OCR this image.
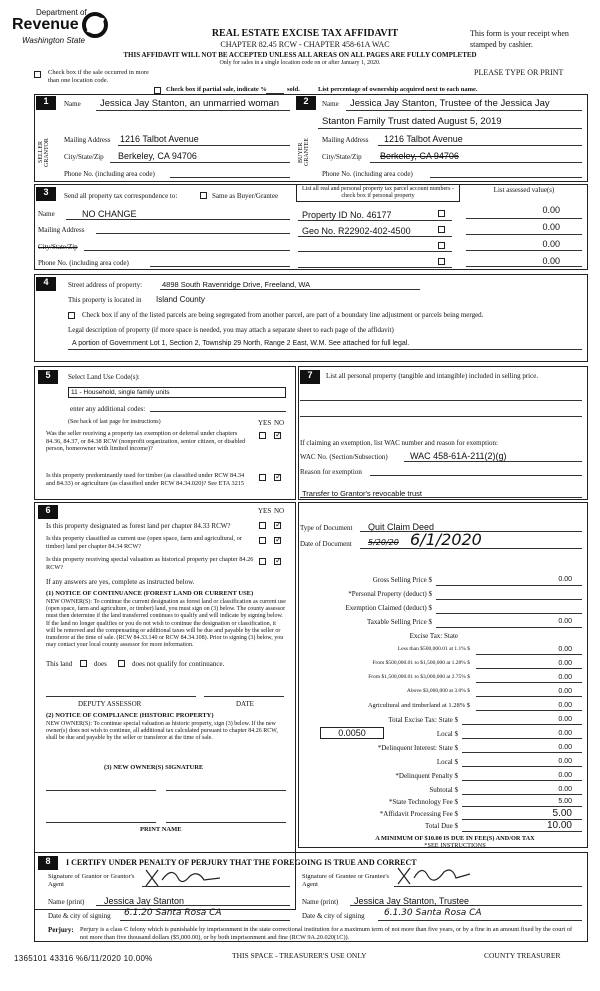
Department of
Revenue
Washington State
REAL ESTATE EXCISE TAX AFFIDAVIT
CHAPTER 82.45 RCW - CHAPTER 458-61A WAC
This form is your receipt when stamped by cashier.
THIS AFFIDAVIT WILL NOT BE ACCEPTED UNLESS ALL AREAS ON ALL PAGES ARE FULLY COMPLETED
Only for sales in a single location code on or after January 1, 2020.
PLEASE TYPE OR PRINT
Check box if the sale occurred in more than one location code.
Check box if partial sale, indicate %	sold.	List percentage of ownership acquired next to each name.
1
SELLER GRANTOR
Name Jessica Jay Stanton, an unmarried woman
Mailing Address 1216 Talbot Avenue
City/State/Zip Berkeley, CA 94706
Phone No. (including area code)
2
BUYER GRANTEE
Name Jessica Jay Stanton, Trustee of the Jessica Jay
Stanton Family Trust dated August 5, 2019
Mailing Address 1216 Talbot Avenue
City/State/Zip Berkeley, CA 94706
Phone No. (including area code)
3	Send all property tax correspondence to:	Same as Buyer/Grantee
Name	NO CHANGE
Mailing Address
City/State/Zip
Phone No. (including area code)
List all real and personal property tax parcel account numbers - check box if personal property
List assessed value(s)
Property ID No. 46177	0.00
Geo No. R22902-402-4500	0.00
0.00
0.00
4	Street address of property:	4898 South Ravenridge Drive, Freeland, WA
This property is located in Island County
Check box if any of the listed parcels are being segregated from another parcel, are part of a boundary line adjustment or parcels being merged.
Legal description of property (if more space is needed, you may attach a separate sheet to each page of the affidavit)
A portion of Government Lot 1, Section 2, Township 29 North, Range 2 East, W.M. See attached for full legal.
5	Select Land Use Code(s):
11 - Household, single family units
enter any additional codes:
(See back of last page for instructions)	YES NO
Was the seller receiving a property tax exemption or deferral under chapters 84.36, 84.37, or 84.38 RCW (nonprofit organization, senior citizen, or disabled person, homeowner with limited income)?
✓
Is this property predominantly used for timber (as classified under RCW 84.34 and 84.33) or agriculture (as classified under RCW 84.34.020)? See ETA 3215
✓
7	List all personal property (tangible and intangible) included in selling price.
If claiming an exemption, list WAC number and reason for exemption:
WAC No. (Section/Subsection) WAC 458-61A-211(2)(g)
Reason for exemption
Transfer to Grantor's revocable trust
6	YES NO
Is this property designated as forest land per chapter 84.33 RCW?
✓
Is this property classified as current use (open space, farm and agricultural, or timber) land per chapter 84.34 RCW?
✓
Is this property receiving special valuation as historical property per chapter 84.26 RCW?
✓
If any answers are yes, complete as instructed below.
(1) NOTICE OF CONTINUANCE (FOREST LAND OR CURRENT USE)
NEW OWNER(S): To continue the current designation as forest land or classification as current use (open space, farm and agriculture, or timber) land, you must sign on (3) below. The county assessor must then determine if the land transferred continues to qualify and will indicate by signing below. If the land no longer qualifies or you do not wish to continue the designation or classification, it will be removed and the compensating or additional taxes will be due and payable by the seller or transferor at the time of sale. (RCW 84.33.140 or RCW 84.34.108). Prior to signing (3) below, you may contact your local county assessor for more information.
This land	does	does not qualify for continuance.
DEPUTY ASSESSOR	DATE
(2) NOTICE OF COMPLIANCE (HISTORIC PROPERTY)
NEW OWNER(S): To continue special valuation as historic property, sign (3) below. If the new owner(s) does not wish to continue, all additional tax calculated pursuant to chapter 84.26 RCW, shall be due and payable by the seller or transferor at the time of sale.
(3) NEW OWNER(S) SIGNATURE
PRINT NAME
Type of Document Quit Claim Deed
Date of Document 5/20/20 6/1/2020
Gross Selling Price $	0.00
*Personal Property (deduct) $
Exemption Claimed (deduct) $
Taxable Selling Price $	0.00
Excise Tax: State
Less than $500,000.01 at 1.1% $	0.00
From $500,000.01 to $1,500,000 at 1.28% $	0.00
From $1,500,000.01 to $3,000,000 at 2.75% $	0.00
Above $3,000,000 at 3.0% $	0.00
Agricultural and timberland at 1.28% $	0.00
Total Excise Tax: State $	0.00
0.0050	Local $	0.00
*Delinquent Interest: State $	0.00
Local $	0.00
*Delinquent Penalty $	0.00
Subtotal $	0.00
*State Technology Fee $	5.00
*Affidavit Processing Fee $	5.00
Total Due $	10.00
A MINIMUM OF $10.00 IS DUE IN FEE(S) AND/OR TAX
*SEE INSTRUCTIONS
8	I CERTIFY UNDER PENALTY OF PERJURY THAT THE FOREGOING IS TRUE AND CORRECT
Signature of Grantor or Grantor's Agent
Name (print) Jessica Jay Stanton
Date & city of signing 6.1.20 Santa Rosa CA
Signature of Grantee or Grantee's Agent
Name (print) Jessica Jay Stanton, Trustee
Date & city of signing 6.1.30 Santa Rosa CA
Perjury: Perjury is a class C felony which is punishable by imprisonment in the state correctional institution for a maximum term of not more than five years, or by a fine in an amount fixed by the court of not more than five thousand dollars ($5,000.00), or by both imprisonment and fine (RCW 9A.20.020(1C)).
1365101 43316 %6/11/2020 10.00%	THIS SPACE - TREASURER'S USE ONLY	COUNTY TREASURER
